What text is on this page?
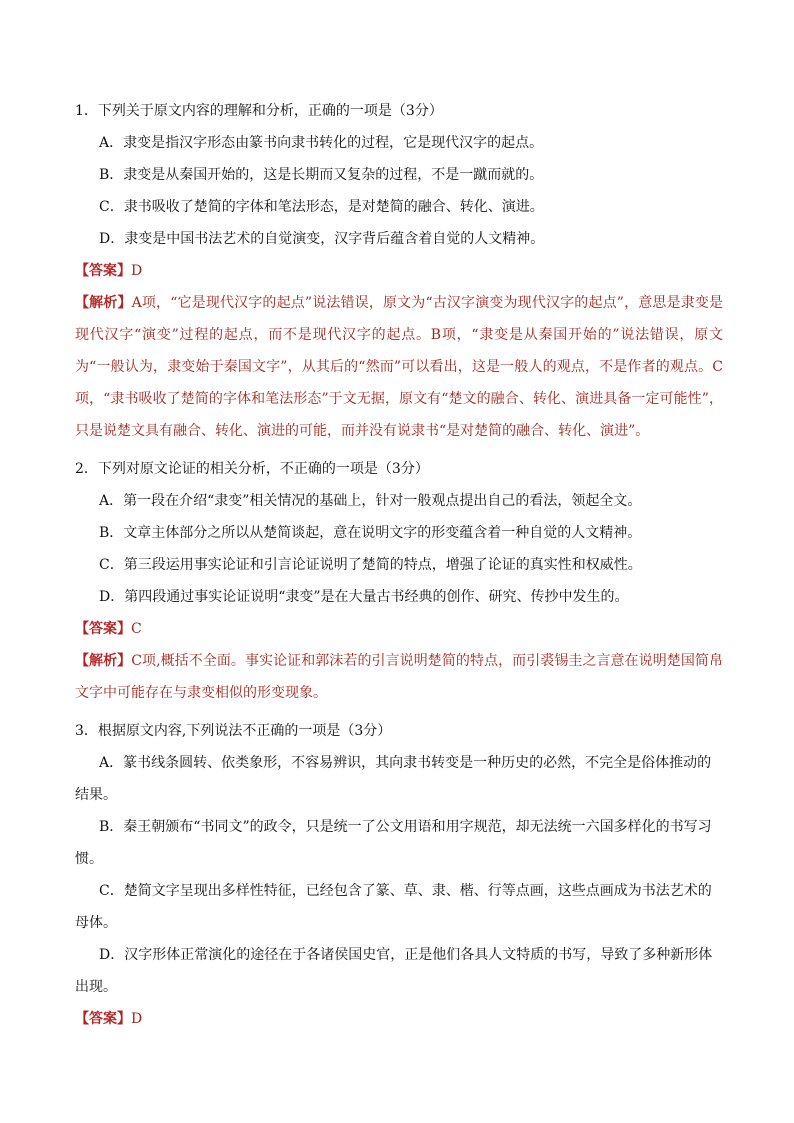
1．下列关于原文内容的理解和分析，正确的一项是（3分）

A．隶变是指汉字形态由篆书向隶书转化的过程，它是现代汉字的起点。

B．隶变是从秦国开始的，这是长期而又复杂的过程，不是一蹴而就的。

C．隶书吸收了楚简的字体和笔法形态，是对楚简的融合、转化、演进。

D．隶变是中国书法艺术的自觉演变，汉字背后蕴含着自觉的人文精神。

【答案】D

【解析】A项，“它是现代汉字的起点”说法错误，原文为“古汉字演变为现代汉字的起点”，意思是隶变是现代汉字“演变”过程的起点，而不是现代汉字的起点。B项，“隶变是从秦国开始的”说法错误，原文为“一般认为，隶变始于秦国文字”，从其后的“然而”可以看出，这是一般人的观点，不是作者的观点。C项，“隶书吸收了楚简的字体和笔法形态”于文无据，原文有“楚文的融合、转化、演进具备一定可能性”，只是说楚文具有融合、转化、演进的可能，而并没有说隶书“是对楚简的融合、转化、演进”。

2．下列对原文论证的相关分析，不正确的一项是（3分）

A．第一段在介绍“隶变”相关情况的基础上，针对一般观点提出自己的看法，领起全文。

B．文章主体部分之所以从楚简谈起，意在说明文字的形变蕴含着一种自觉的人文精神。

C．第三段运用事实论证和引言论证说明了楚简的特点，增强了论证的真实性和权威性。

D．第四段通过事实论证说明“隶变”是在大量古书经典的创作、研究、传抄中发生的。

【答案】C

【解析】C项,概括不全面。事实论证和郭沫若的引言说明楚简的特点，而引裘锡圭之言意在说明楚国简帛文字中可能存在与隶变相似的形变现象。

3．根据原文内容,下列说法不正确的一项是（3分）

A．篆书线条圆转、依类象形，不容易辨识，其向隶书转变是一种历史的必然，不完全是俗体推动的结果。

B．秦王朝颁布“书同文”的政令，只是统一了公文用语和用字规范，却无法统一六国多样化的书写习惯。

C．楚简文字呈现出多样性特征，已经包含了篆、草、隶、楷、行等点画，这些点画成为书法艺术的母体。

D．汉字形体正常演化的途径在于各诸侯国史官，正是他们各具人文特质的书写，导致了多种新形体出现。

【答案】D
